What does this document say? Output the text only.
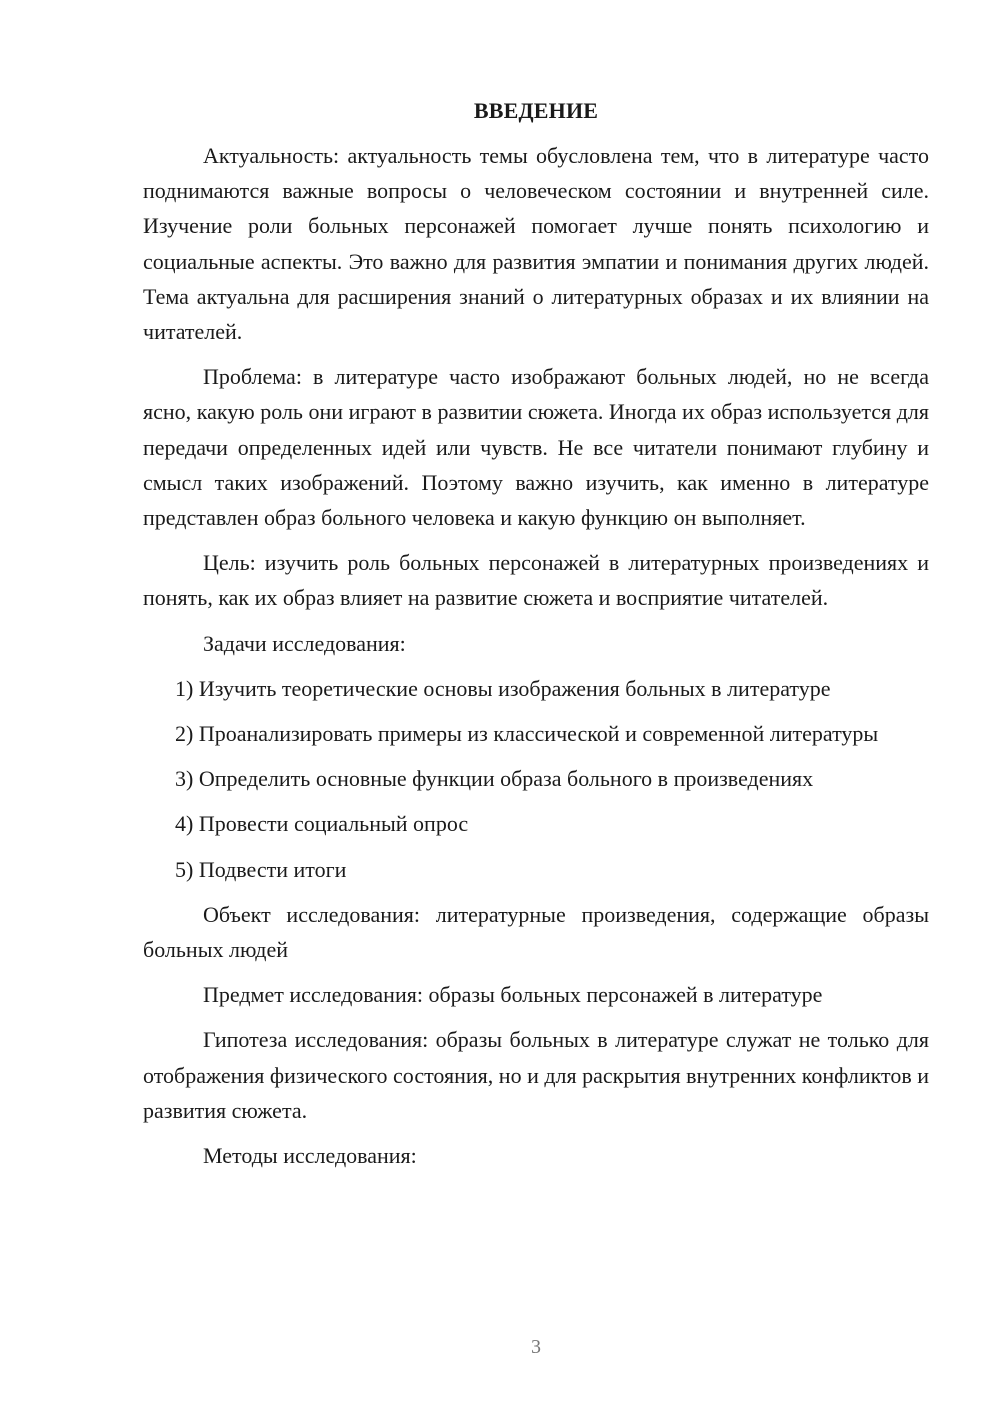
ВВЕДЕНИЕ

Актуальность: актуальность темы обусловлена тем, что в литературе часто поднимаются важные вопросы о человеческом состоянии и внутренней силе. Изучение роли больных персонажей помогает лучше понять психологию и социальные аспекты. Это важно для развития эмпатии и понимания других людей. Тема актуальна для расширения знаний о литературных образах и их влиянии на читателей.

Проблема: в литературе часто изображают больных людей, но не всегда ясно, какую роль они играют в развитии сюжета. Иногда их образ используется для передачи определенных идей или чувств. Не все читатели понимают глубину и смысл таких изображений. Поэтому важно изучить, как именно в литературе представлен образ больного человека и какую функцию он выполняет.

Цель: изучить роль больных персонажей в литературных произведениях и понять, как их образ влияет на развитие сюжета и восприятие читателей.

Задачи исследования:

1) Изучить теоретические основы изображения больных в литературе

2) Проанализировать примеры из классической и современной литературы

3) Определить основные функции образа больного в произведениях

4) Провести социальный опрос

5) Подвести итоги

Объект исследования: литературные произведения, содержащие образы больных людей

Предмет исследования: образы больных персонажей в литературе

Гипотеза исследования: образы больных в литературе служат не только для отображения физического состояния, но и для раскрытия внутренних конфликтов и развития сюжета.

Методы исследования:

3
